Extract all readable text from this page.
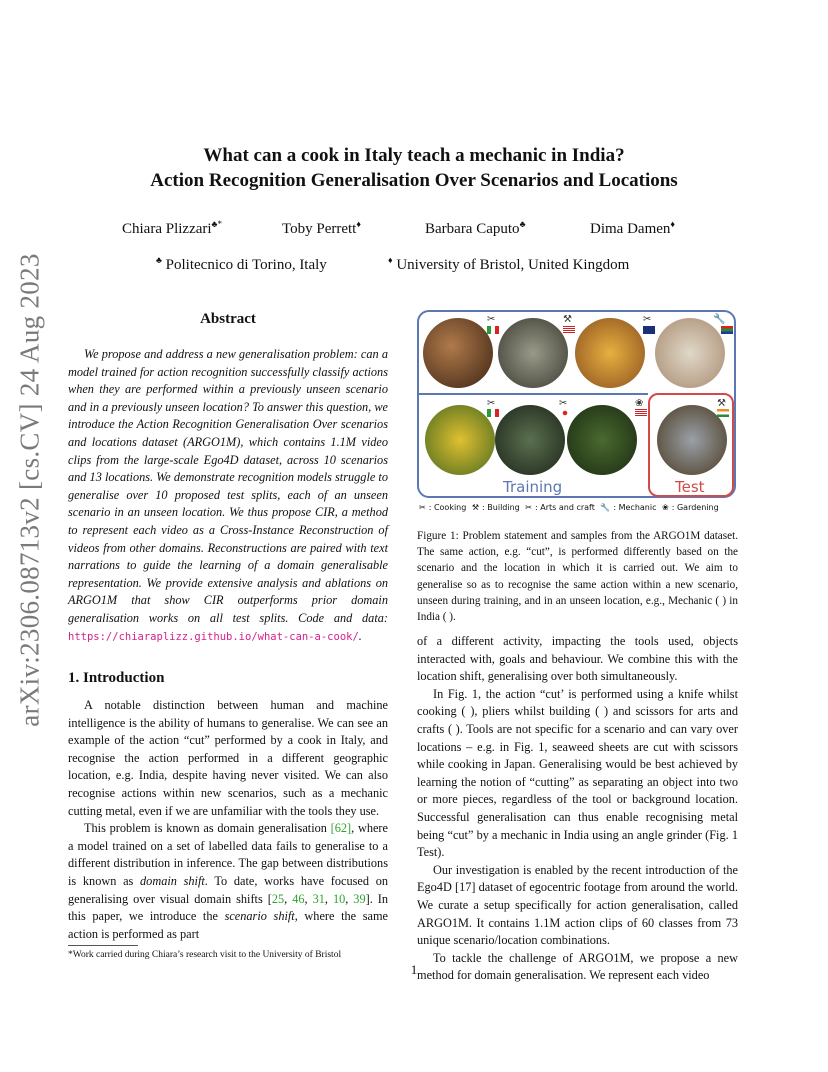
arXiv:2306.08713v2 [cs.CV] 24 Aug 2023
What can a cook in Italy teach a mechanic in India?
Action Recognition Generalisation Over Scenarios and Locations
Chiara Plizzari♣*	Toby Perrett♦	Barbara Caputo♣	Dima Damen♦
♣ Politecnico di Torino, Italy	♦ University of Bristol, United Kingdom
Abstract

We propose and address a new generalisation problem: can a model trained for action recognition successfully classify actions when they are performed within a previously unseen scenario and in a previously unseen location? To answer this question, we introduce the Action Recognition Generalisation Over scenarios and locations dataset (ARGO1M), which contains 1.1M video clips from the large-scale Ego4D dataset, across 10 scenarios and 13 locations. We demonstrate recognition models struggle to generalise over 10 proposed test splits, each of an unseen scenario in an unseen location. We thus propose CIR, a method to represent each video as a Cross-Instance Reconstruction of videos from other domains. Reconstructions are paired with text narrations to guide the learning of a domain generalisable representation. We provide extensive analysis and ablations on ARGO1M that show CIR outperforms prior domain generalisation works on all test splits. Code and data: https://chiaraplizz.github.io/what-can-a-cook/.

1. Introduction

A notable distinction between human and machine intelligence is the ability of humans to generalise. We can see an example of the action “cut” performed by a cook in Italy, and recognise the action performed in a different geographic location, e.g. India, despite having never visited. We can also recognise actions within new scenarios, such as a mechanic cutting metal, even if we are unfamiliar with the tools they use.

This problem is known as domain generalisation [62], where a model trained on a set of labelled data fails to generalise to a different distribution in inference. The gap between distributions is known as domain shift. To date, works have focused on generalising over visual domain shifts [25, 46, 31, 10, 39]. In this paper, we introduce the scenario shift, where the same action is performed as part

*Work carried during Chiara’s research visit to the University of Bristol
1
✂	⚒	✂	🔧
✂	✂	❀	⚒
Training	Test
✂ : Cooking ⚒ : Building ✂ : Arts and craft 🔧 : Mechanic ❀ : Gardening
Figure 1: Problem statement and samples from the ARGO1M dataset. The same action, e.g. “cut”, is performed differently based on the scenario and the location in which it is carried out. We aim to generalise so as to recognise the same action within a new scenario, unseen during training, and in an unseen location, e.g., Mechanic ( ) in India ( ).

of a different activity, impacting the tools used, objects interacted with, goals and behaviour. We combine this with the location shift, generalising over both simultaneously.

In Fig. 1, the action “cut’ is performed using a knife whilst cooking ( ), pliers whilst building ( ) and scissors for arts and crafts ( ). Tools are not specific for a scenario and can vary over locations – e.g. in Fig. 1, seaweed sheets are cut with scissors while cooking in Japan. Generalising would be best achieved by learning the notion of “cutting” as separating an object into two or more pieces, regardless of the tool or background location. Successful generalisation can thus enable recognising metal being “cut” by a mechanic in India using an angle grinder (Fig. 1 Test).

Our investigation is enabled by the recent introduction of the Ego4D [17] dataset of egocentric footage from around the world. We curate a setup specifically for action generalisation, called ARGO1M. It contains 1.1M action clips of 60 classes from 73 unique scenario/location combinations.

To tackle the challenge of ARGO1M, we propose a new method for domain generalisation. We represent each video
